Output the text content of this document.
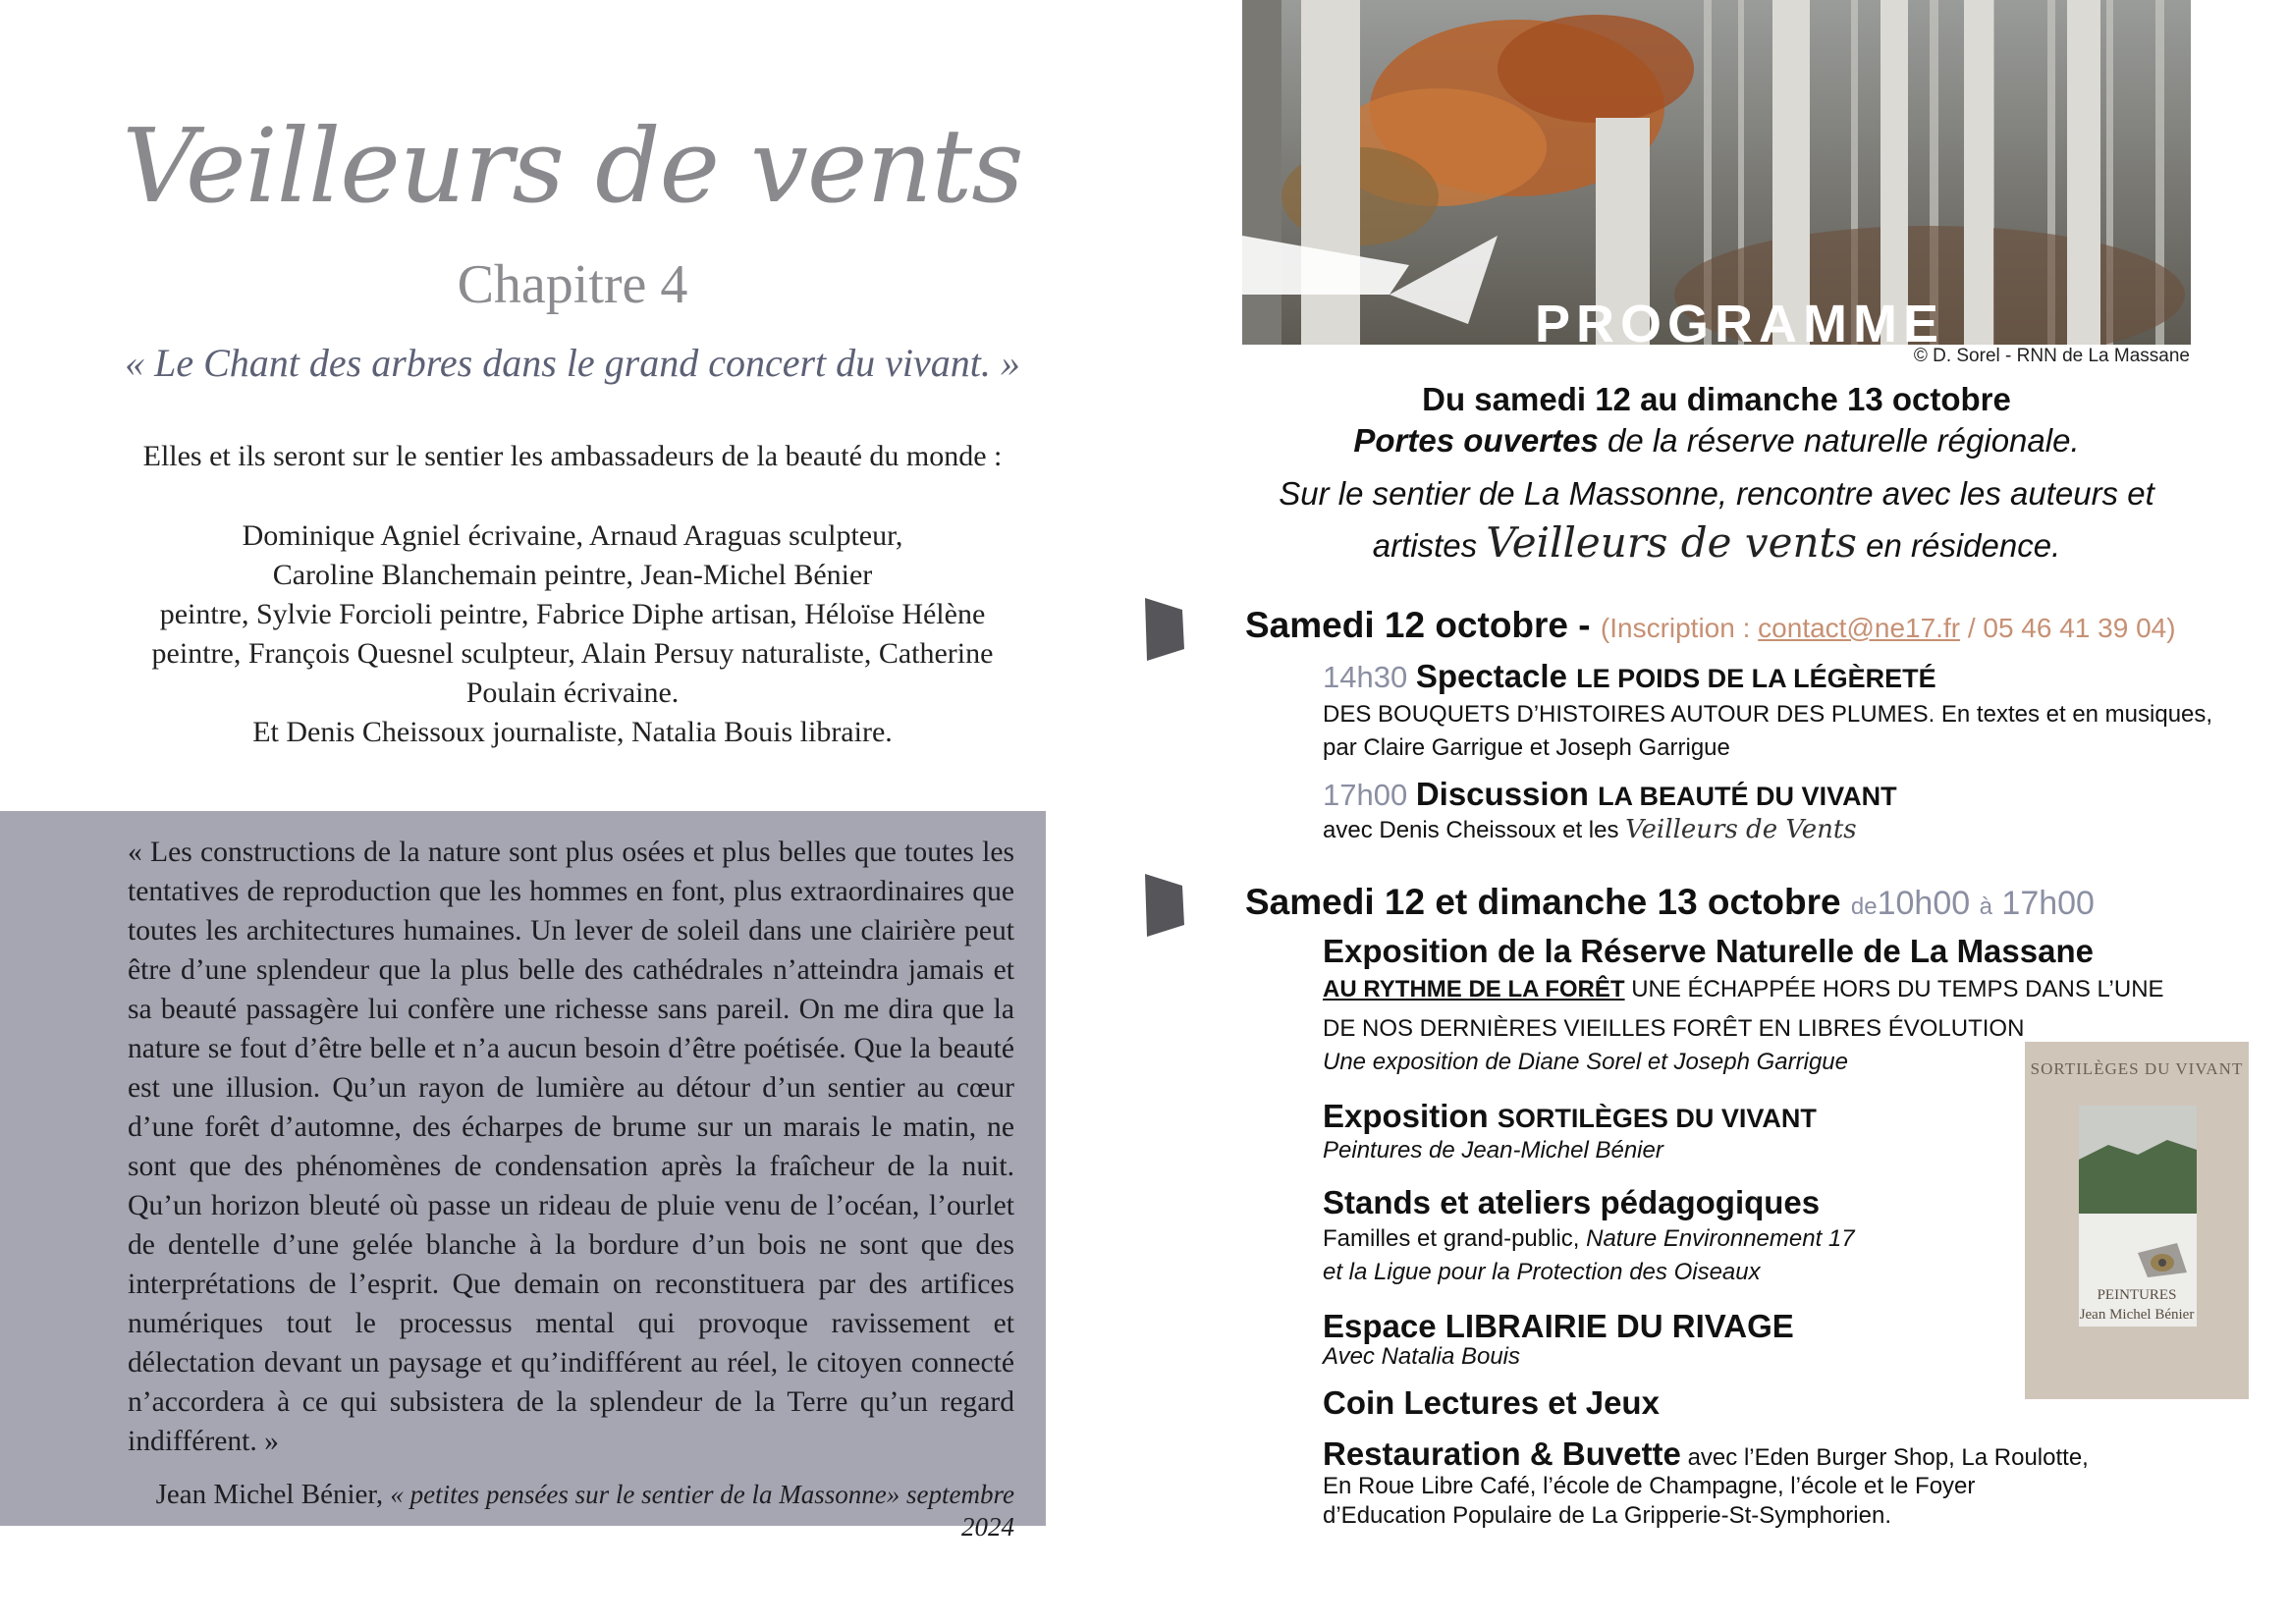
Veilleurs de vents
Chapitre 4
« Le Chant des arbres dans le grand concert du vivant. »
Elles et ils seront sur le sentier les ambassadeurs de la beauté du monde :
Dominique Agniel écrivaine, Arnaud Araguas sculpteur,
Caroline Blanchemain peintre, Jean-Michel Bénier
peintre, Sylvie Forcioli peintre, Fabrice Diphe artisan, Héloïse Hélène
peintre, François Quesnel sculpteur, Alain Persuy naturaliste, Catherine
Poulain écrivaine.
Et Denis Cheissoux journaliste, Natalia Bouis libraire.
« Les constructions de la nature sont plus osées et plus belles que toutes les tentatives de reproduction que les hommes en font, plus extraordinaires que toutes les architectures humaines. Un lever de soleil dans une clairière peut être d’une splendeur que la plus belle des cathédrales n’atteindra jamais et sa beauté passagère lui confère une richesse sans pareil. On me dira que la nature se fout d’être belle et n’a aucun besoin d’être poétisée. Que la beauté est une illusion. Qu’un rayon de lumière au détour d’un sentier au cœur d’une forêt d’automne, des écharpes de brume sur un marais le matin, ne sont que des phénomènes de condensation après la fraîcheur de la nuit. Qu’un horizon bleuté où passe un rideau de pluie venu de l’océan, l’ourlet de dentelle d’une gelée blanche à la bordure d’un bois ne sont que des interprétations de l’esprit. Que demain on reconstituera par des artifices numériques tout le processus mental qui provoque ravissement et délectation devant un paysage et qu’indifférent au réel, le citoyen connecté n’accordera à ce qui subsistera de la splendeur de la Terre qu’un regard indifférent. »
Jean Michel Bénier, « petites pensées sur le sentier de la Massonne» septembre 2024
PROGRAMME
© D. Sorel - RNN de La Massane
Du samedi 12 au dimanche 13 octobre
Portes ouvertes de la réserve naturelle régionale.
Sur le sentier de La Massonne, rencontre avec les auteurs et
artistes Veilleurs de vents en résidence.
Samedi 12 octobre - (Inscription : contact@ne17.fr / 05 46 41 39 04)
14h30 Spectacle LE POIDS DE LA LÉGÈRETÉ
DES BOUQUETS D’HISTOIRES AUTOUR DES PLUMES. En textes et en musiques,
par Claire Garrigue et Joseph Garrigue
17h00 Discussion LA BEAUTÉ DU VIVANT
avec Denis Cheissoux et les Veilleurs de Vents
Samedi 12 et dimanche 13 octobre de10h00 à 17h00
Exposition de la Réserve Naturelle de La Massane
AU RYTHME DE LA FORÊT UNE ÉCHAPPÉE HORS DU TEMPS DANS L’UNE
DE NOS DERNIÈRES VIEILLES FORÊT EN LIBRES ÉVOLUTION
Une exposition de Diane Sorel et Joseph Garrigue
Exposition SORTILÈGES DU VIVANT
Peintures de Jean-Michel Bénier
Stands et ateliers pédagogiques
Familles et grand-public, Nature Environnement 17
et la Ligue pour la Protection des Oiseaux
Espace LIBRAIRIE DU RIVAGE
Avec Natalia Bouis
Coin Lectures et Jeux
Restauration & Buvette avec l’Eden Burger Shop, La Roulotte,
En Roue Libre Café, l’école de Champagne, l’école et le Foyer
d’Education Populaire de La Gripperie-St-Symphorien.
SORTILÈGES DU VIVANT
PEINTURES
Jean Michel Bénier
